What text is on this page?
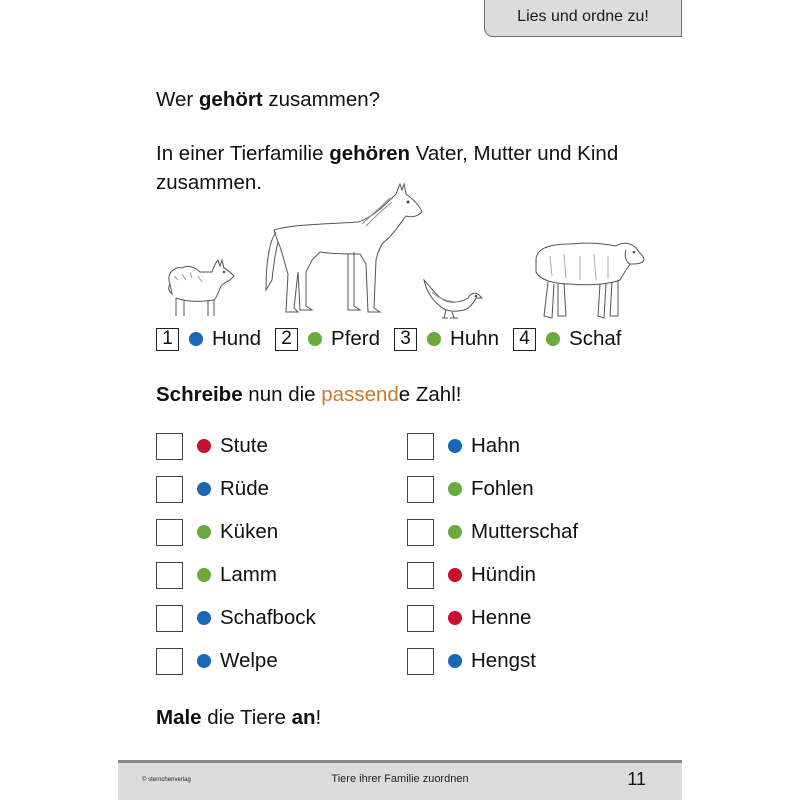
Lies und ordne zu!
Wer gehört zusammen?
In einer Tierfamilie gehören Vater, Mutter und Kind
zusammen.
1	Hund	2	Pferd	3	Huhn	4	Schaf
Schreibe nun die passende Zahl!
Stute	Hahn
Rüde	Fohlen
Küken	Mutterschaf
Lamm	Hündin
Schafbock	Henne
Welpe	Hengst
Male die Tiere an!
© sternchenverlag	Tiere ihrer Familie zuordnen	11
